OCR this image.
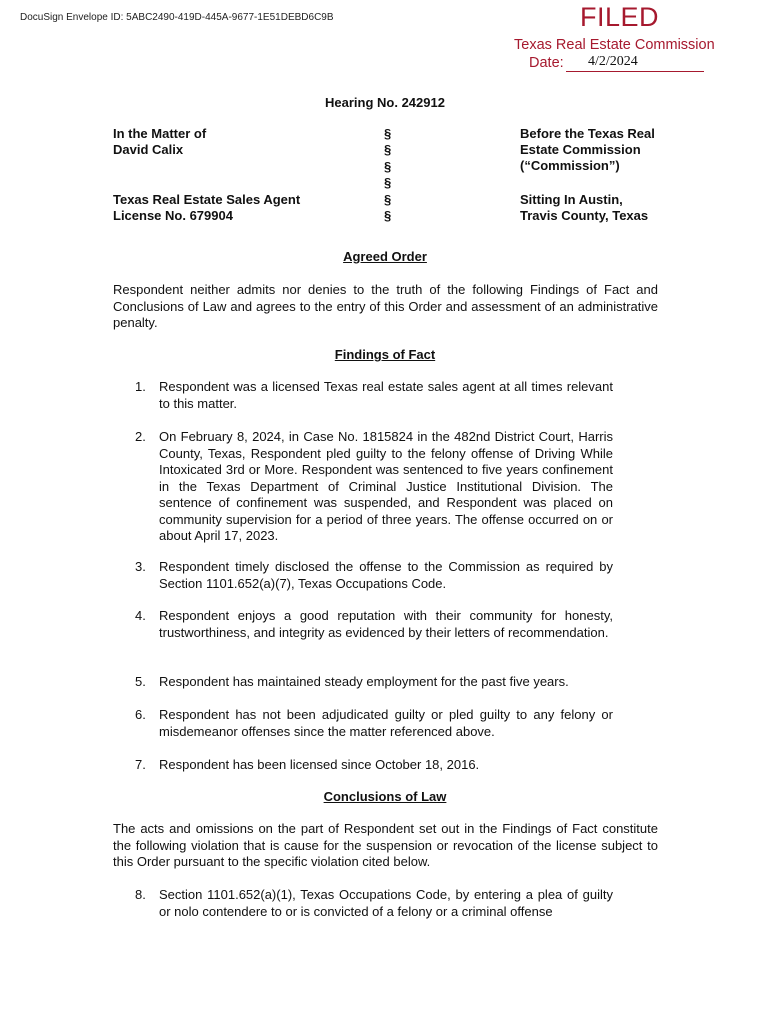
DocuSign Envelope ID: 5ABC2490-419D-445A-9677-1E51DEBD6C9B	FILED
Texas Real Estate Commission
Date: 4/2/2024
Hearing No. 242912
In the Matter of
David Calix
Texas Real Estate Sales Agent
License No. 679904
§
§
§
§
§
§
Before the Texas Real
Estate Commission
(“Commission”)
Sitting In Austin,
Travis County, Texas
Agreed Order
Respondent neither admits nor denies to the truth of the following Findings of Fact and Conclusions of Law and agrees to the entry of this Order and assessment of an administrative penalty.
Findings of Fact
1. Respondent was a licensed Texas real estate sales agent at all times relevant to this matter.
2. On February 8, 2024, in Case No. 1815824 in the 482nd District Court, Harris County, Texas, Respondent pled guilty to the felony offense of Driving While Intoxicated 3rd or More. Respondent was sentenced to five years confinement in the Texas Department of Criminal Justice Institutional Division. The sentence of confinement was suspended, and Respondent was placed on community supervision for a period of three years. The offense occurred on or about April 17, 2023.
3. Respondent timely disclosed the offense to the Commission as required by Section 1101.652(a)(7), Texas Occupations Code.
4. Respondent enjoys a good reputation with their community for honesty, trustworthiness, and integrity as evidenced by their letters of recommendation.
5. Respondent has maintained steady employment for the past five years.
6. Respondent has not been adjudicated guilty or pled guilty to any felony or misdemeanor offenses since the matter referenced above.
7. Respondent has been licensed since October 18, 2016.
Conclusions of Law
The acts and omissions on the part of Respondent set out in the Findings of Fact constitute the following violation that is cause for the suspension or revocation of the license subject to this Order pursuant to the specific violation cited below.
8. Section 1101.652(a)(1), Texas Occupations Code, by entering a plea of guilty or nolo contendere to or is convicted of a felony or a criminal offense
